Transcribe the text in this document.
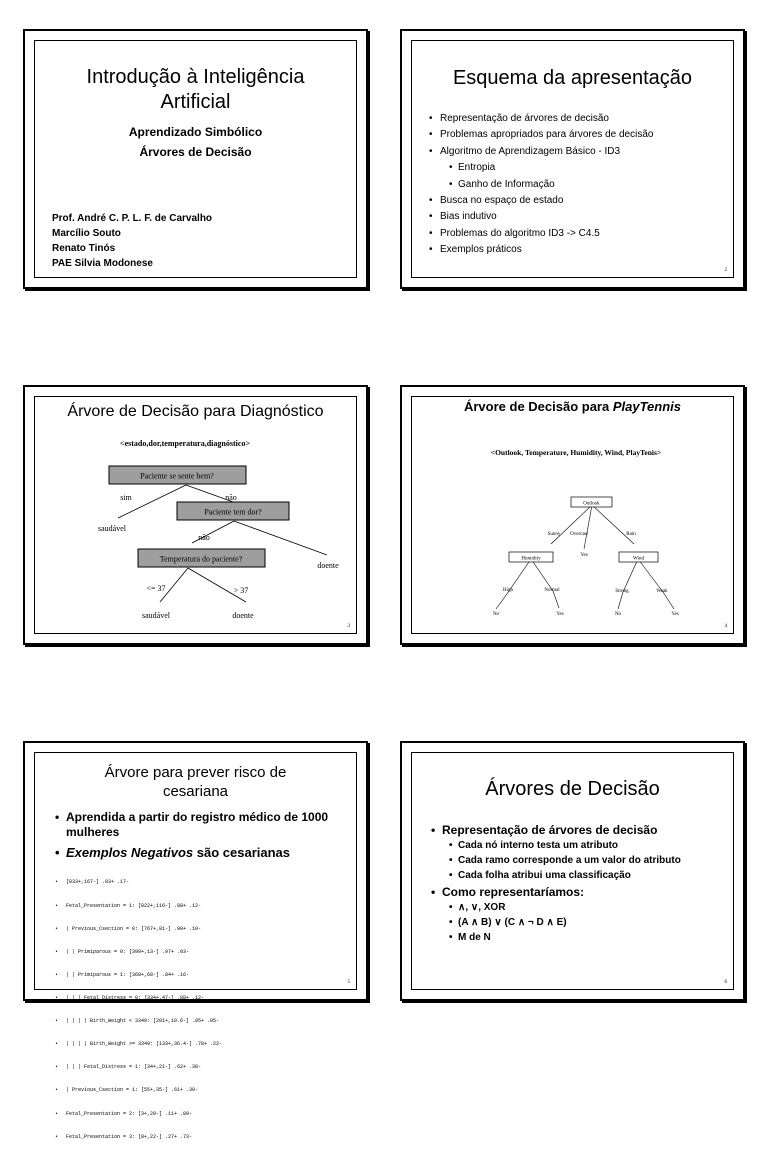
Introdução à Inteligência Artificial
Aprendizado Simbólico
Árvores de Decisão
Prof. André C. P. L. F. de Carvalho
Marcílio Souto
Renato Tinós
PAE Silvia Modonese
Esquema da apresentação
• Representação de árvores de decisão
• Problemas apropriados para árvores de decisão
• Algoritmo de Aprendizagem Básico - ID3
• Entropia
• Ganho de Informação
• Busca no espaço de estado
• Bias indutivo
• Problemas do algoritmo ID3 -> C4.5
• Exemplos práticos
2
Árvore de Decisão para Diagnóstico
<estado,dor,temperatura,diagnóstico>
Paciente se sente bem?
Paciente tem dor?
Temperatura do paciente?
sim	não
saudável
não
doente
<= 37	> 37
saudável	doente
3
Árvore de Decisão para PlayTennis
<Outlook, Temperature, Humidity, Wind, PlayTenis>
Outlook
Humidity	Wind
Sunny Overcast	Rain
Yes
High	Normal	Strong	Weak
No	Yes	No	Yes
4
Árvore para prever risco de cesariana
• Aprendida a partir do registro médico de 1000 mulheres
• Exemplos Negativos são cesarianas

• [833+,167-] .83+ .17-

• Fetal_Presentation = 1: [822+,116-] .88+ .12-

• | Previous_Csection = 0: [767+,81-] .90+ .10-

• | | Primiparous = 0: [399+,13-] .97+ .03-

• | | Primiparous = 1: [368+,68-] .84+ .16-

• | | | Fetal_Distress = 0: [334+,47-] .88+ .12-

• | | | | Birth_Weight < 3349: [201+,10.6-] .95+ .05-

• | | | | Birth_Weight >= 3349: [133+,36.4-] .78+ .22-

• | | | Fetal_Distress = 1: [34+,21-] .62+ .38-

• | Previous_Csection = 1: [55+,35-] .61+ .39-

• Fetal_Presentation = 2: [3+,29-] .11+ .89-

• Fetal_Presentation = 3: [8+,22-] .27+ .73-

5
Árvores de Decisão
• Representação de árvores de decisão
• Cada nó interno testa um atributo
• Cada ramo corresponde a um valor do atributo
• Cada folha atribui uma classificação
• Como representaríamos:
• ∧, ∨, XOR
• (A ∧ B) ∨ (C ∧ ¬ D ∧ E)
• M de N
6
